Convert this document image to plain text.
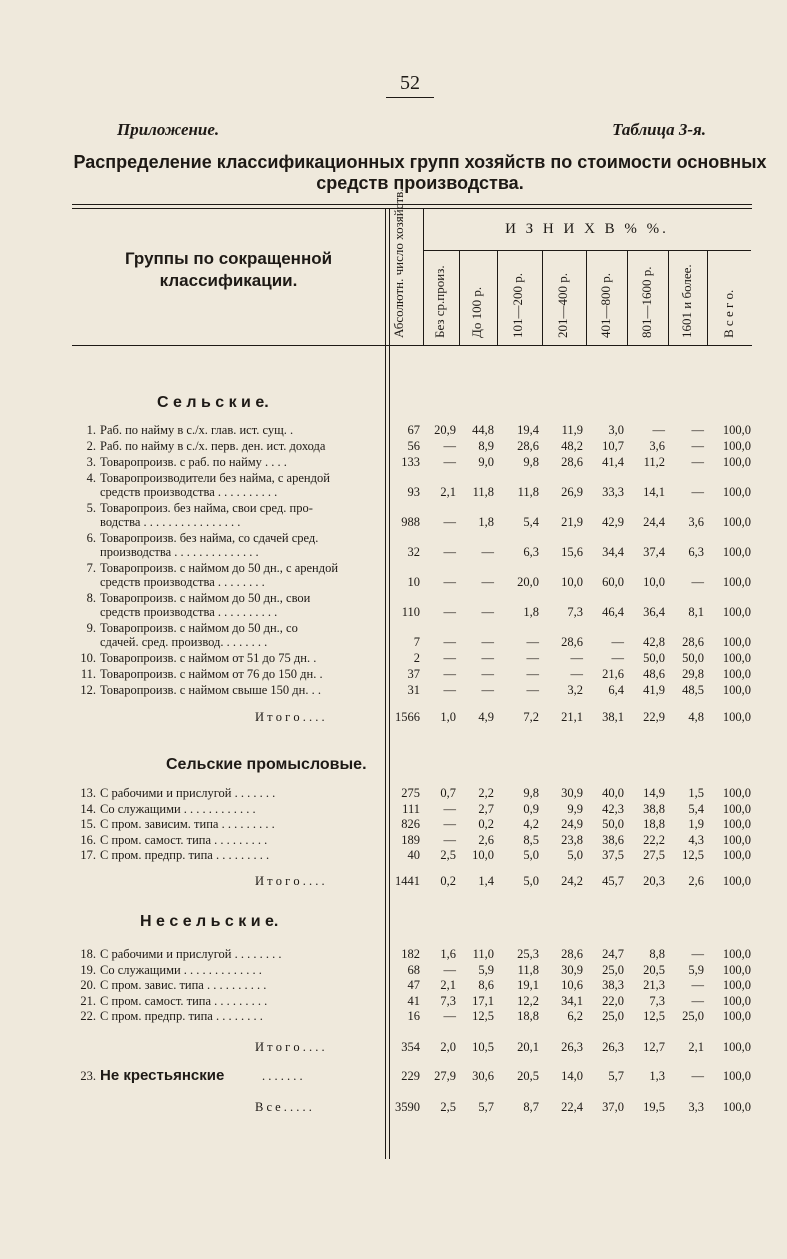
52
Приложение.	Таблица 3-я.
Распределение классификационных групп хозяйств по стоимости основных
средств производства.
Группы по сокращенной классификации.	Абсолютн. число хозяйств.	И З Н И Х В % %.
Без ср.произ. До 100 р. 101—200 р. 201—400 р. 401—800 р. 801—1600 р. 1601 и более. В с е г о.
С е л ь с к и е.
Сельские промысловые.
Н е с е л ь с к и е.
1. Раб. по найму в с./х. глав. ист. сущ. .	67	20,9	44,8	19,4	11,9	3,0	—	—	100,0
2. Раб. по найму в с./х. перв. ден. ист. дохода	56	—	8,9	28,6	48,2	10,7	3,6	—	100,0
3. Товаропроизв. с раб. по найму . . . .	133	—	9,0	9,8	28,6	41,4	11,2	—	100,0
4. Товаропроизводители без найма, с арендой
средств производства . . . . . . . . . .	93	2,1	11,8	11,8	26,9	33,3	14,1	—	100,0
5. Товаропроиз. без найма, свои сред. про-
водства . . . . . . . . . . . . . . . .	988	—	1,8	5,4	21,9	42,9	24,4	3,6	100,0
6. Товаропроизв. без найма, со сдачей сред.
производства . . . . . . . . . . . . . .	32	—	—	6,3	15,6	34,4	37,4	6,3	100,0
7. Товаропроизв. с наймом до 50 дн., с арендой
средств производства . . . . . . . .	10	—	—	20,0	10,0	60,0	10,0	—	100,0
8. Товаропроизв. с наймом до 50 дн., свои
средств производства . . . . . . . . . .	110	—	—	1,8	7,3	46,4	36,4	8,1	100,0
9. Товаропроизв. с наймом до 50 дн., со
сдачей. сред. производ. . . . . . . .	7	—	—	—	28,6	—	42,8	28,6	100,0
10. Товаропроизв. с наймом от 51 до 75 дн. .	2	—	—	—	—	—	50,0	50,0	100,0
11. Товаропроизв. с наймом от 76 до 150 дн. .	37	—	—	—	—	21,6	48,6	29,8	100,0
12. Товаропроизв. с наймом свыше 150 дн. . .	31	—	—	—	3,2	6,4	41,9	48,5	100,0
И т о г о . . . .	1566	1,0	4,9	7,2	21,1	38,1	22,9	4,8	100,0
13. С рабочими и прислугой . . . . . . .	275	0,7	2,2	9,8	30,9	40,0	14,9	1,5	100,0
14. Со служащими . . . . . . . . . . . .	111	—	2,7	0,9	9,9	42,3	38,8	5,4	100,0
15. С пром. зависим. типа . . . . . . . . .	826	—	0,2	4,2	24,9	50,0	18,8	1,9	100,0
16. С пром. самост. типа . . . . . . . . .	189	—	2,6	8,5	23,8	38,6	22,2	4,3	100,0
17. С пром. предпр. типа . . . . . . . . .	40	2,5	10,0	5,0	5,0	37,5	27,5	12,5	100,0
И т о г о . . . .	1441	0,2	1,4	5,0	24,2	45,7	20,3	2,6	100,0
18. С рабочими и прислугой . . . . . . . .	182	1,6	11,0	25,3	28,6	24,7	8,8	—	100,0
19. Со служащими . . . . . . . . . . . . .	68	—	5,9	11,8	30,9	25,0	20,5	5,9	100,0
20. С пром. завис. типа . . . . . . . . . .	47	2,1	8,6	19,1	10,6	38,3	21,3	—	100,0
21. С пром. самост. типа . . . . . . . . .	41	7,3	17,1	12,2	34,1	22,0	7,3	—	100,0
22. С пром. предпр. типа . . . . . . . .	16	—	12,5	18,8	6,2	25,0	12,5	25,0	100,0
И т о г о . . . .	354	2,0	10,5	20,1	26,3	26,3	12,7	2,1	100,0
23. Не крестьянские	. . . . . . .	229	27,9	30,6	20,5	14,0	5,7	1,3	—	100,0
В с е . . . . .	3590	2,5	5,7	8,7	22,4	37,0	19,5	3,3	100,0
